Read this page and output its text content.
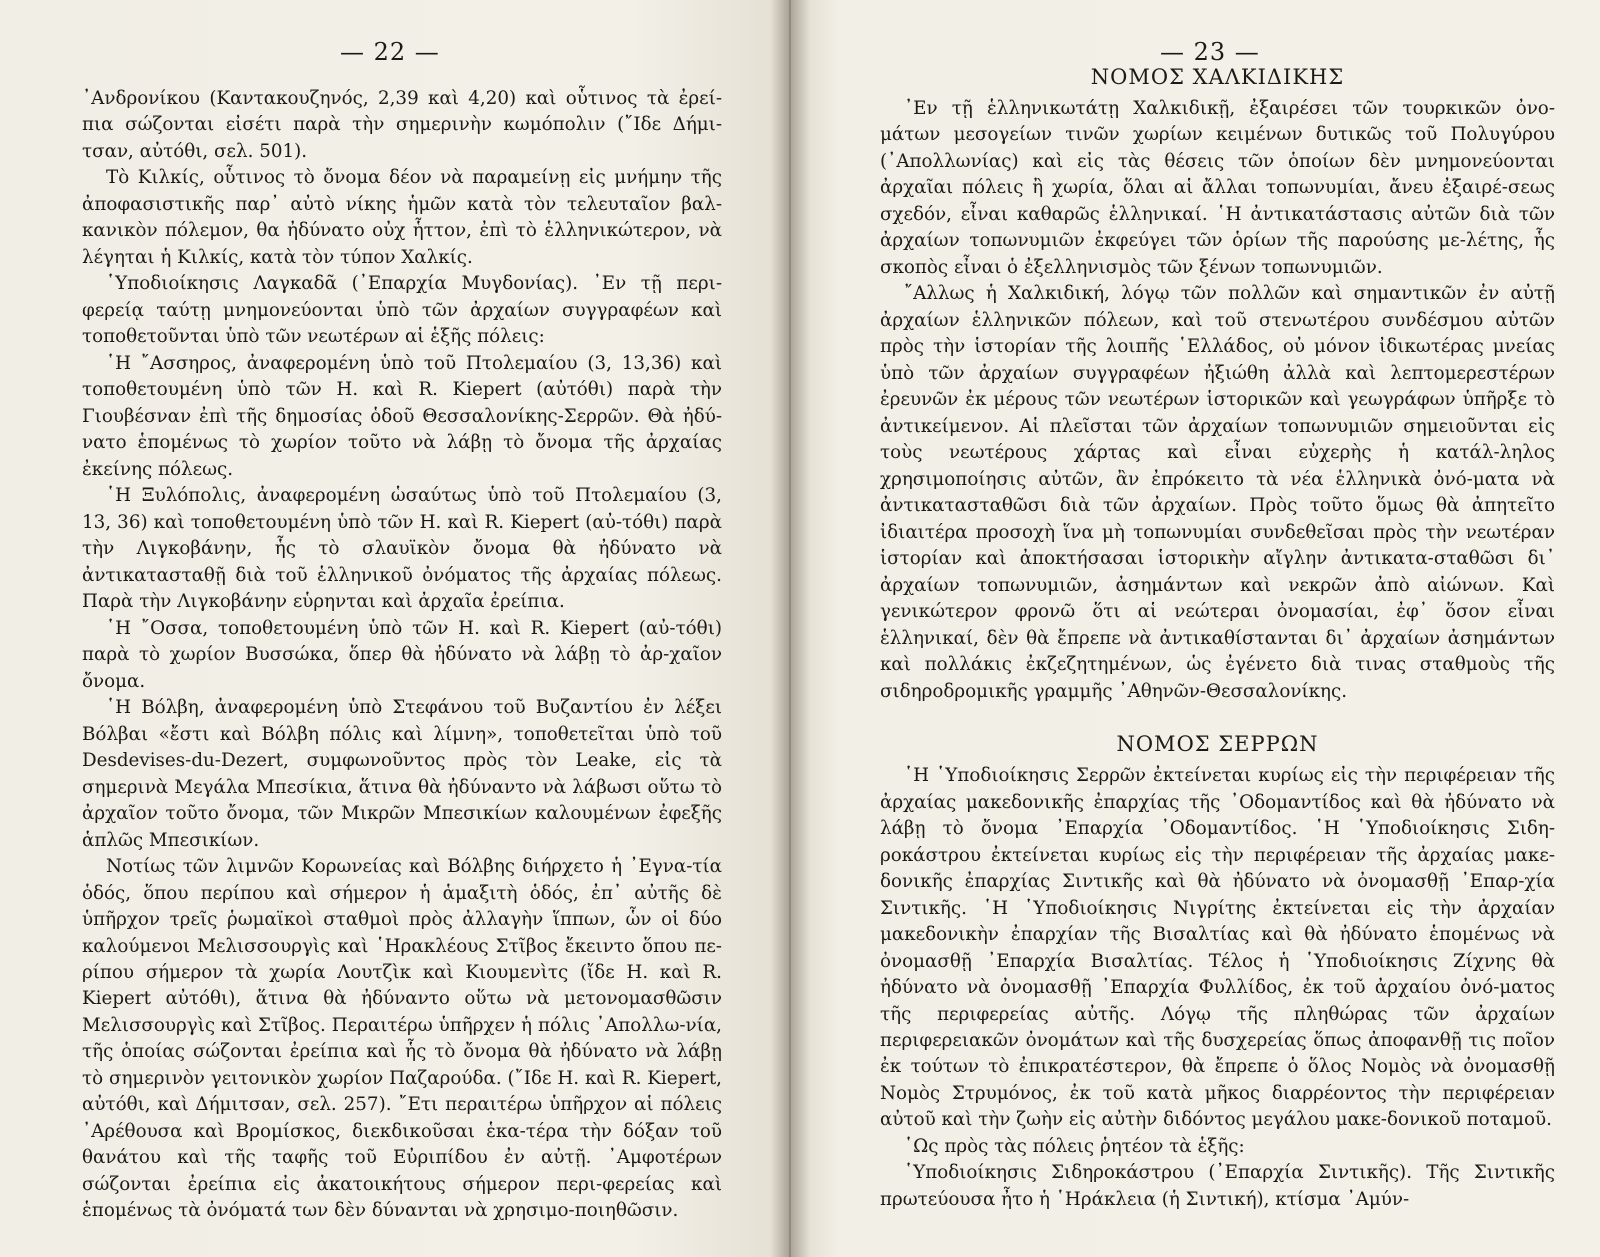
— 22 —

᾿Ανδρονίκου (Καντακουζηνός, 2,39 καὶ 4,20) καὶ οὗτινος τὰ ἐρεί-πια σώζονται εἰσέτι παρὰ τὴν σημερινὴν κωμόπολιν (῎Ιδε Δήμι-τσαν, αὐτόθι, σελ. 501).

Τὸ Κιλκίς, οὗτινος τὸ ὄνομα δέον νὰ παραμείνῃ εἰς μνήμην τῆς ἀποφασιστικῆς παρ᾿ αὐτὸ νίκης ἡμῶν κατὰ τὸν τελευταῖον βαλ-κανικὸν πόλεμον, θα ἠδύνατο οὐχ ἧττον, ἐπὶ τὸ ἑλληνικώτερον, νὰ λέγηται ἡ Κιλκίς, κατὰ τὸν τύπον Χαλκίς.

῾Υποδιοίκησις Λαγκαδᾶ (᾿Επαρχία Μυγδονίας). ᾿Εν τῇ περι-φερείᾳ ταύτῃ μνημονεύονται ὑπὸ τῶν ἀρχαίων συγγραφέων καὶ τοποθετοῦνται ὑπὸ τῶν νεωτέρων αἱ ἑξῆς πόλεις:

῾Η ῎Ασσηρος, ἀναφερομένη ὑπὸ τοῦ Πτολεμαίου (3, 13,36) καὶ τοποθετουμένη ὑπὸ τῶν H. καὶ R. Kiepert (αὐτόθι) παρὰ τὴν Γιουβέσναν ἐπὶ τῆς δημοσίας ὁδοῦ Θεσσαλονίκης-Σερρῶν. Θὰ ἠδύ-νατο ἑπομένως τὸ χωρίον τοῦτο νὰ λάβῃ τὸ ὄνομα τῆς ἀρχαίας ἐκείνης πόλεως.

῾Η Ξυλόπολις, ἀναφερομένη ὡσαύτως ὑπὸ τοῦ Πτολεμαίου (3, 13, 36) καὶ τοποθετουμένη ὑπὸ τῶν H. καὶ R. Kiepert (αὐ-τόθι) παρὰ τὴν Λιγκοβάνην, ἧς τὸ σλαυϊκὸν ὄνομα θὰ ἠδύνατο νὰ ἀντικατασταθῇ διὰ τοῦ ἑλληνικοῦ ὀνόματος τῆς ἀρχαίας πόλεως. Παρὰ τὴν Λιγκοβάνην εὑρηνται καὶ ἀρχαῖα ἐρείπια.

῾Η ῎Οσσα, τοποθετουμένη ὑπὸ τῶν H. καὶ R. Kiepert (αὐ-τόθι) παρὰ τὸ χωρίον Βυσσώκα, ὅπερ θὰ ἠδύνατο νὰ λάβῃ τὸ ἀρ-χαῖον ὄνομα.

῾Η Βόλβη, ἀναφερομένη ὑπὸ Στεφάνου τοῦ Βυζαντίου ἐν λέξει Βόλβαι «ἔστι καὶ Βόλβη πόλις καὶ λίμνη», τοποθετεῖται ὑπὸ τοῦ Desdevises-du-Dezert, συμφωνοῦντος πρὸς τὸν Leake, εἰς τὰ σημερινὰ Μεγάλα Μπεσίκια, ἅτινα θὰ ἠδύναντο νὰ λάβωσι οὕτω τὸ ἀρχαῖον τοῦτο ὄνομα, τῶν Μικρῶν Μπεσικίων καλουμένων ἐφεξῆς ἁπλῶς Μπεσικίων.

Νοτίως τῶν λιμνῶν Κορωνείας καὶ Βόλβης διήρχετο ἡ ᾿Εγνα-τία ὁδός, ὅπου περίπου καὶ σήμερον ἡ ἁμαξιτὴ ὁδός, ἐπ᾿ αὐτῆς δὲ ὑπῆρχον τρεῖς ῥωμαϊκοὶ σταθμοὶ πρὸς ἀλλαγὴν ἵππων, ὧν οἱ δύο καλούμενοι Μελισσουργὶς καὶ ῾Ηρακλέους Στῖβος ἔκειντο ὅπου πε-ρίπου σήμερον τὰ χωρία Λουτζὶκ καὶ Κιουμενὶτς (ἴδε H. καὶ R. Kiepert αὐτόθι), ἅτινα θὰ ἠδύναντο οὕτω νὰ μετονομασθῶσιν Μελισσουργὶς καὶ Στῖβος. Περαιτέρω ὑπῆρχεν ἡ πόλις ᾿Απολλω-νία, τῆς ὁποίας σώζονται ἐρείπια καὶ ἧς τὸ ὄνομα θὰ ἠδύνατο νὰ λάβῃ τὸ σημερινὸν γειτονικὸν χωρίον Παζαρούδα. (῎Ιδε H. καὶ R. Kiepert, αὐτόθι, καὶ Δήμιτσαν, σελ. 257). ῎Ετι περαιτέρω ὑπῆρχον αἱ πόλεις ᾿Αρέθουσα καὶ Βρομίσκος, διεκδικοῦσαι ἑκα-τέρα τὴν δόξαν τοῦ θανάτου καὶ τῆς ταφῆς τοῦ Εὐριπίδου ἐν αὐτῇ. ᾿Αμφοτέρων σώζονται ἐρείπια εἰς ἀκατοικήτους σήμερον περι-φερείας καὶ ἑπομένως τὰ ὀνόματά των δὲν δύνανται νὰ χρησιμο-ποιηθῶσιν.

— 23 —
ΝΟΜΟΣ ΧΑΛΚΙΔΙΚΗΣ

᾿Εν τῇ ἑλληνικωτάτῃ Χαλκιδικῇ, ἐξαιρέσει τῶν τουρκικῶν ὀνο-μάτων μεσογείων τινῶν χωρίων κειμένων δυτικῶς τοῦ Πολυγύρου (᾿Απολλωνίας) καὶ εἰς τὰς θέσεις τῶν ὁποίων δὲν μνημονεύονται ἀρχαῖαι πόλεις ἢ χωρία, ὅλαι αἱ ἄλλαι τοπωνυμίαι, ἄνευ ἐξαιρέ-σεως σχεδόν, εἶναι καθαρῶς ἑλληνικαί. ῾Η ἀντικατάστασις αὐτῶν διὰ τῶν ἀρχαίων τοπωνυμιῶν ἐκφεύγει τῶν ὁρίων τῆς παρούσης με-λέτης, ἧς σκοπὸς εἶναι ὁ ἐξελληνισμὸς τῶν ξένων τοπωνυμιῶν.

῎Αλλως ἡ Χαλκιδική, λόγῳ τῶν πολλῶν καὶ σημαντικῶν ἐν αὐτῇ ἀρχαίων ἑλληνικῶν πόλεων, καὶ τοῦ στενωτέρου συνδέσμου αὐτῶν πρὸς τὴν ἱστορίαν τῆς λοιπῆς ῾Ελλάδος, οὐ μόνον ἰδικωτέρας μνείας ὑπὸ τῶν ἀρχαίων συγγραφέων ἠξιώθη ἀλλὰ καὶ λεπτομερεστέρων ἐρευνῶν ἐκ μέρους τῶν νεωτέρων ἱστορικῶν καὶ γεωγράφων ὑπῆρξε τὸ ἀντικείμενον. Αἱ πλεῖσται τῶν ἀρχαίων τοπωνυμιῶν σημειοῦνται εἰς τοὺς νεωτέρους χάρτας καὶ εἶναι εὐχερὴς ἡ κατάλ-ληλος χρησιμοποίησις αὐτῶν, ἂν ἐπρόκειτο τὰ νέα ἑλληνικὰ ὀνό-ματα νὰ ἀντικατασταθῶσι διὰ τῶν ἀρχαίων. Πρὸς τοῦτο ὅμως θὰ ἀπητεῖτο ἰδιαιτέρα προσοχὴ ἵνα μὴ τοπωνυμίαι συνδεθεῖσαι πρὸς τὴν νεωτέραν ἱστορίαν καὶ ἀποκτήσασαι ἱστορικὴν αἴγλην ἀντικατα-σταθῶσι δι᾿ ἀρχαίων τοπωνυμιῶν, ἀσημάντων καὶ νεκρῶν ἀπὸ αἰώνων. Καὶ γενικώτερον φρονῶ ὅτι αἱ νεώτεραι ὀνομασίαι, ἐφ᾿ ὅσον εἶναι ἑλληνικαί, δὲν θὰ ἔπρεπε νὰ ἀντικαθίστανται δι᾿ ἀρχαίων ἀσημάντων καὶ πολλάκις ἐκζεζητημένων, ὡς ἐγένετο διὰ τινας σταθμοὺς τῆς σιδηροδρομικῆς γραμμῆς ᾿Αθηνῶν-Θεσσαλονίκης.

ΝΟΜΟΣ ΣΕΡΡΩΝ

῾Η ῾Υποδιοίκησις Σερρῶν ἐκτείνεται κυρίως εἰς τὴν περιφέρειαν τῆς ἀρχαίας μακεδονικῆς ἐπαρχίας τῆς ᾿Οδομαντίδος καὶ θὰ ἠδύνατο νὰ λάβῃ τὸ ὄνομα ᾿Επαρχία ᾿Οδομαντίδος. ῾Η ῾Υποδιοίκησις Σιδη-ροκάστρου ἐκτείνεται κυρίως εἰς τὴν περιφέρειαν τῆς ἀρχαίας μακε-δονικῆς ἐπαρχίας Σιντικῆς καὶ θὰ ἠδύνατο νὰ ὀνομασθῇ ᾿Επαρ-χία Σιντικῆς. ῾Η ῾Υποδιοίκησις Νιγρίτης ἐκτείνεται εἰς τὴν ἀρχαίαν μακεδονικὴν ἐπαρχίαν τῆς Βισαλτίας καὶ θὰ ἠδύνατο ἑπομένως νὰ ὀνομασθῇ ᾿Επαρχία Βισαλτίας. Τέλος ἡ ῾Υποδιοίκησις Ζίχνης θὰ ἠδύνατο νὰ ὀνομασθῇ ᾿Επαρχία Φυλλίδος, ἐκ τοῦ ἀρχαίου ὀνό-ματος τῆς περιφερείας αὐτῆς. Λόγῳ τῆς πληθώρας τῶν ἀρχαίων περιφερειακῶν ὀνομάτων καὶ τῆς δυσχερείας ὅπως ἀποφανθῇ τις ποῖον ἐκ τούτων τὸ ἐπικρατέστερον, θὰ ἔπρεπε ὁ ὅλος Νομὸς νὰ ὀνομασθῇ Νομὸς Στρυμόνος, ἐκ τοῦ κατὰ μῆκος διαρρέοντος τὴν περιφέρειαν αὐτοῦ καὶ τὴν ζωὴν εἰς αὐτὴν διδόντος μεγάλου μακε-δονικοῦ ποταμοῦ.

῾Ως πρὸς τὰς πόλεις ῥητέον τὰ ἑξῆς:

῾Υποδιοίκησις Σιδηροκάστρου (᾿Επαρχία Σιντικῆς). Τῆς Σιντικῆς πρωτεύουσα ἦτο ἡ ῾Ηράκλεια (ἡ Σιντική), κτίσμα ᾿Αμύν-
